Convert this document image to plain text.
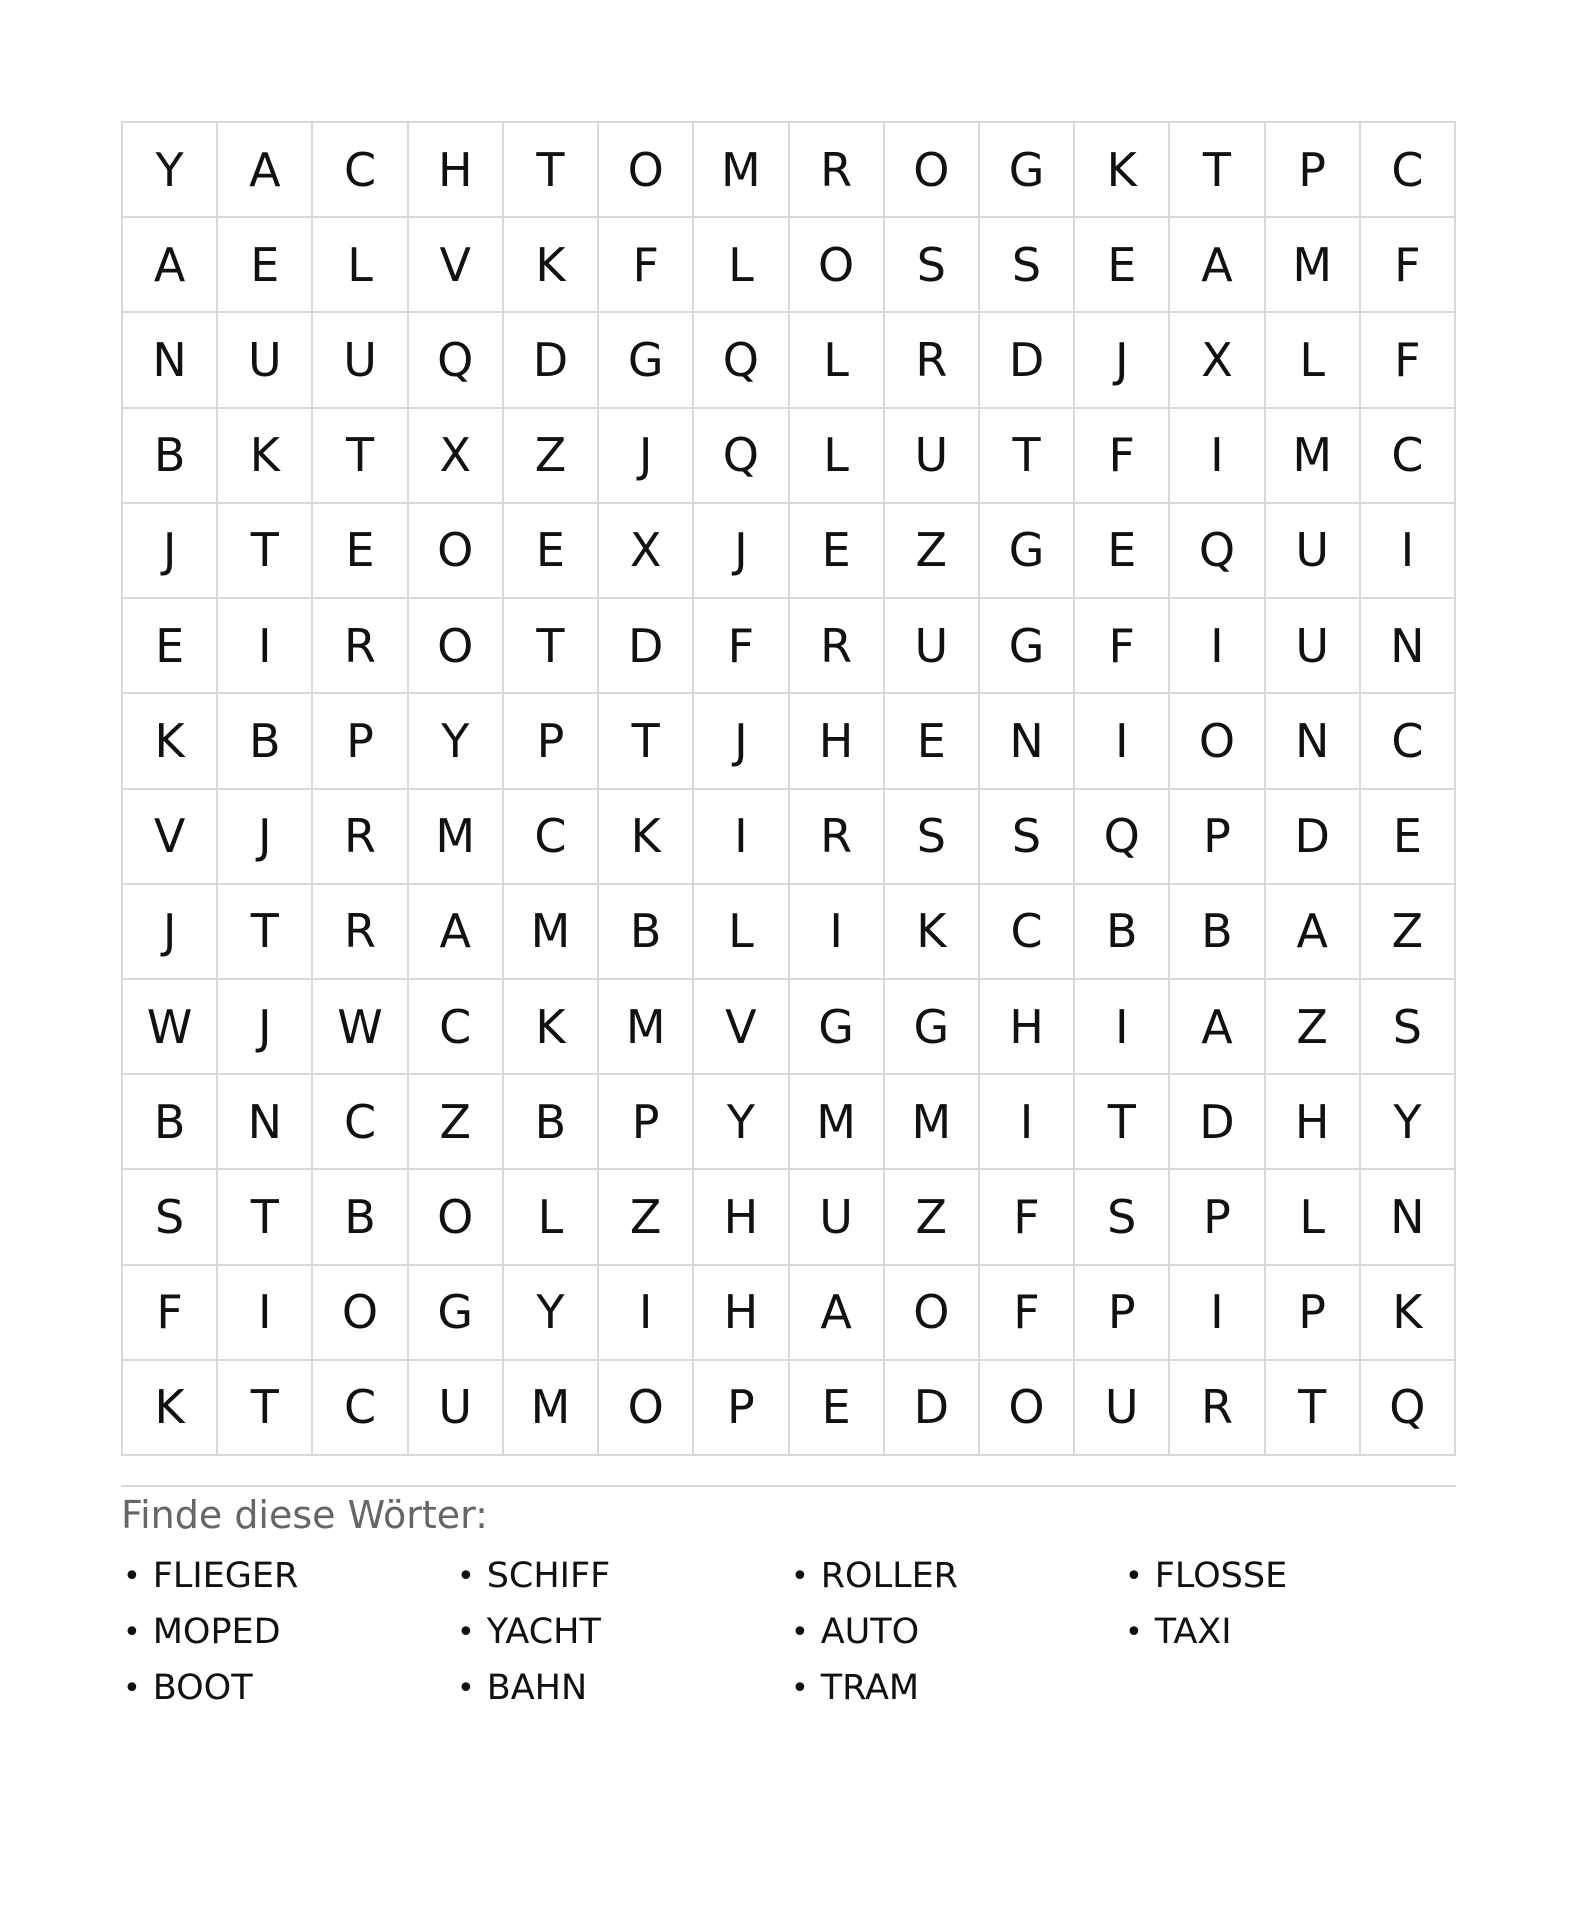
Y	A	C	H	T	O	M	R	O	G	K	T	P	C
A	E	L	V	K	F	L	O	S	S	E	A	M	F
N	U	U	Q	D	G	Q	L	R	D	J	X	L	F
B	K	T	X	Z	J	Q	L	U	T	F	I	M	C
J	T	E	O	E	X	J	E	Z	G	E	Q	U	I
E	I	R	O	T	D	F	R	U	G	F	I	U	N
K	B	P	Y	P	T	J	H	E	N	I	O	N	C
V	J	R	M	C	K	I	R	S	S	Q	P	D	E
J	T	R	A	M	B	L	I	K	C	B	B	A	Z
W	J	W	C	K	M	V	G	G	H	I	A	Z	S
B	N	C	Z	B	P	Y	M	M	I	T	D	H	Y
S	T	B	O	L	Z	H	U	Z	F	S	P	L	N
F	I	O	G	Y	I	H	A	O	F	P	I	P	K
K	T	C	U	M	O	P	E	D	O	U	R	T	Q
Finde diese Wörter:
• FLIEGER	• SCHIFF	• ROLLER	• FLOSSE
• MOPED	• YACHT	• AUTO	• TAXI
• BOOT	• BAHN	• TRAM
